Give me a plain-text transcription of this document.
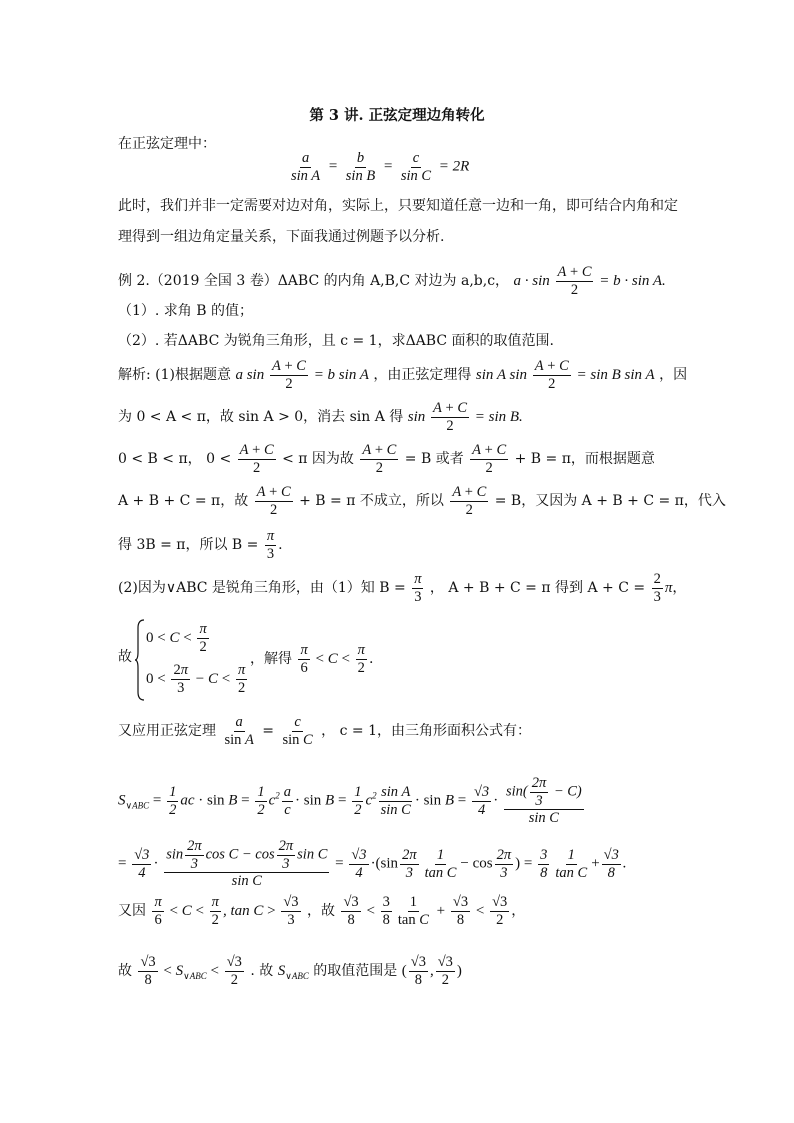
第 3 讲. 正弦定理边角转化
在正弦定理中：
$\frac{a}{\text{sin A}} = \frac{b}{\text{sin B}} = \frac{c}{\text{sin C}} = 2R$
此时，我们并非一定需要对边对角，实际上，只要知道任意一边和一角，即可结合内角和定
理得到一组边角定量关系，下面我通过例题予以分析.
例 2.（2019 全国 3 卷）ΔABC 的内角 A,B,C 对边为 a,b,c， $a \cdot \sin \frac{A + C}{2} = b \cdot \sin A$.
（1）. 求角 B 的值；
（2）. 若ΔABC 为锐角三角形，且 c = 1，求ΔABC 面积的取值范围.
解析: (1)根据题意 a $\sin \frac{A + C}{2} = b$ sin A ，由正弦定理得 sin A $\sin \frac{A + C}{2} = \sin B$ sin A ，因
为 0 < A < π，故 sin A > 0，消去 sin A 得 $\sin \frac{A + C}{2} = \sin B$.
0 < B < π， $0 < \frac{A + C}{2} < \pi$ 因为故 $\frac{A + C}{2} = B$ 或者 $\frac{A + C}{2} + B = \pi$，而根据题意
A + B + C = π，故 $\frac{A + C}{2} + B = \pi$ 不成立，所以 $\frac{A + C}{2} = B$，又因为 A + B + C = π，代入
得 3B = π，所以 $B = \frac{\pi}{3}$ .
(2)因为∨ABC 是锐角三角形，由（1）知 $B = \frac{\pi}{3}$ ， A + B + C = π 得到 $A + C = \frac{2}{3}$ π，
故
$0 < C < \frac{\pi}{2}$
$0 < \frac{2\pi}{3} - C < \frac{\pi}{2}$
，解得 $\frac{\pi}{6} < C < \frac{\pi}{2}$ .
又应用正弦定理 $\frac{a}{\text{sin A}} = \frac{c}{\text{sin C}}$ ， c = 1，由三角形面积公式有：
$S_{\vee ABC} = \frac{1}{2}$ ac · $\sin B = \frac{1}{2} c^2 \frac{a}{c} \cdot \sin B = \frac{1}{2} c^2 \frac{\text{sin A}}{\text{sin C}} \cdot \sin B = \frac{√3}{4} \cdot \frac{\sin( \frac{2\pi}{3} - C)}{\text{sin C}}$
= $\frac{√3}{4} \cdot \frac{\sin \frac{2\pi}{3} \cos C - \cos \frac{2\pi}{3} \sin C}{\text{sin C}} = \frac{√3}{4} \cdot(\sin \frac{2\pi}{3} \frac{1}{\text{tan C}} - \cos \frac{2\pi}{3}$ ) = $\frac{3}{8} \frac{1}{\text{tan C}} + \frac{√3}{8}$ .
又因 $\frac{\pi}{6} < C < \frac{\pi}{2}$ , $\tan C > \frac{√3}{3}$ ，故 $\frac{√3}{8} < \frac{3}{8} \frac{1}{\text{tan C}} + \frac{√3}{8} < \frac{√3}{2}$ ，
故 $\frac{√3}{8} < S_{\vee ABC} < \frac{√3}{2}$ . 故 $S_{\vee ABC}$ 的取值范围是 ( $\frac{√3}{8}$ , $\frac{√3}{2}$ )
